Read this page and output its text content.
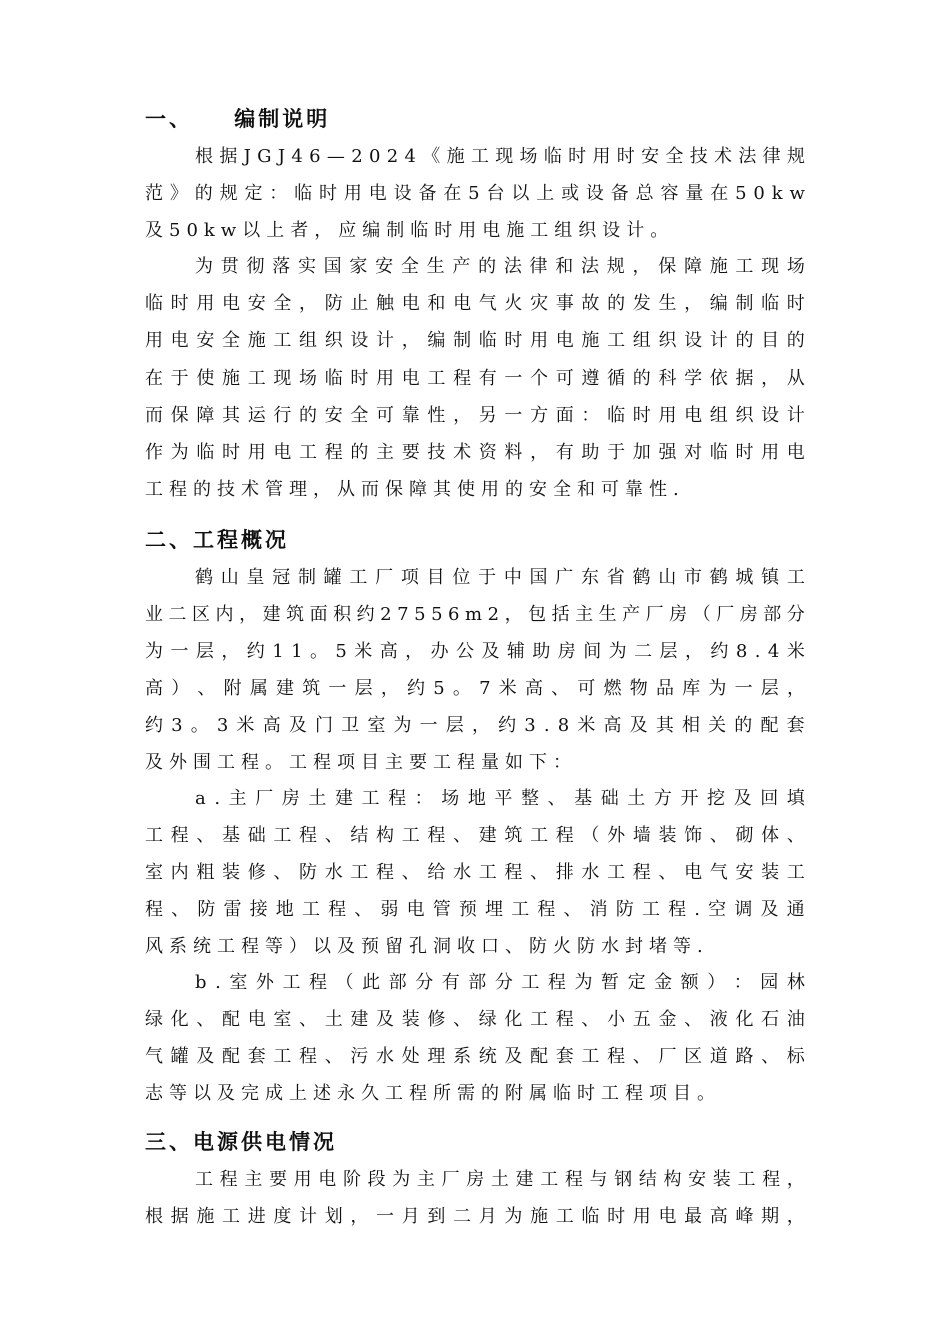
一、    编制说明
根 据 J G J 4 6 — 2 0 2 4 《 施 工 现 场 临 时 用 时 安 全 技 术 法 律 规
范 》 的 规 定 ： 临 时 用 电 设 备 在 5 台 以 上 或 设 备 总 容 量 在 5 0 k w
及50kw以上者，应编制临时用电施工组织设计。
为 贯 彻 落 实 国 家 安 全 生 产 的 法 律 和 法 规 ， 保 障 施 工 现 场
临 时 用 电 安 全 ， 防 止 触 电 和 电 气 火 灾 事 故 的 发 生 ， 编 制 临 时
用 电 安 全 施 工 组 织 设 计 ， 编 制 临 时 用 电 施 工 组 织 设 计 的 目 的
在 于 使 施 工 现 场 临 时 用 电 工 程 有 一 个 可 遵 循 的 科 学 依 据 ， 从
而 保 障 其 运 行 的 安 全 可 靠 性 ， 另 一 方 面 ： 临 时 用 电 组 织 设 计
作 为 临 时 用 电 工 程 的 主 要 技 术 资 料 ， 有 助 于 加 强 对 临 时 用 电
工程的技术管理，从而保障其使用的安全和可靠性.
二、工程概况
鹤 山 皇 冠 制 罐 工 厂 项 目 位 于 中 国 广 东 省 鹤 山 市 鹤 城 镇 工
业 二 区 内 ， 建 筑 面 积 约 2 7 5 5 6 m 2 ， 包 括 主 生 产 厂 房 （ 厂 房 部 分
为 一 层 ， 约 1 1 。 5 米 高 ， 办 公 及 辅 助 房 间 为 二 层 ， 约 8 . 4 米
高 ） 、 附 属 建 筑 一 层 ， 约 5 。 7 米 高 、 可 燃 物 品 库 为 一 层 ，
约 3 。 3 米 高 及 门 卫 室 为 一 层 ， 约 3 . 8 米 高 及 其 相 关 的 配 套
及外围工程。工程项目主要工程量如下：
a . 主 厂 房 土 建 工 程 ： 场 地 平 整 、 基 础 土 方 开 挖 及 回 填
工 程 、 基 础 工 程 、 结 构 工 程 、 建 筑 工 程 （ 外 墙 装 饰 、 砌 体 、
室 内 粗 装 修 、 防 水 工 程 、 给 水 工 程 、 排 水 工 程 、 电 气 安 装 工
程 、 防 雷 接 地 工 程 、 弱 电 管 预 埋 工 程 、 消 防 工 程 . 空 调 及 通
风系统工程等）以及预留孔洞收口、防火防水封堵等.
b . 室 外 工 程 （ 此 部 分 有 部 分 工 程 为 暂 定 金 额 ） ： 园 林
绿 化 、 配 电 室 、 土 建 及 装 修 、 绿 化 工 程 、 小 五 金 、 液 化 石 油
气 罐 及 配 套 工 程 、 污 水 处 理 系 统 及 配 套 工 程 、 厂 区 道 路 、 标
志等以及完成上述永久工程所需的附属临时工程项目。
三、电源供电情况
工 程 主 要 用 电 阶 段 为 主 厂 房 土 建 工 程 与 钢 结 构 安 装 工 程 ，
根 据 施 工 进 度 计 划 ， 一 月 到 二 月 为 施 工 临 时 用 电 最 高 峰 期 ，
